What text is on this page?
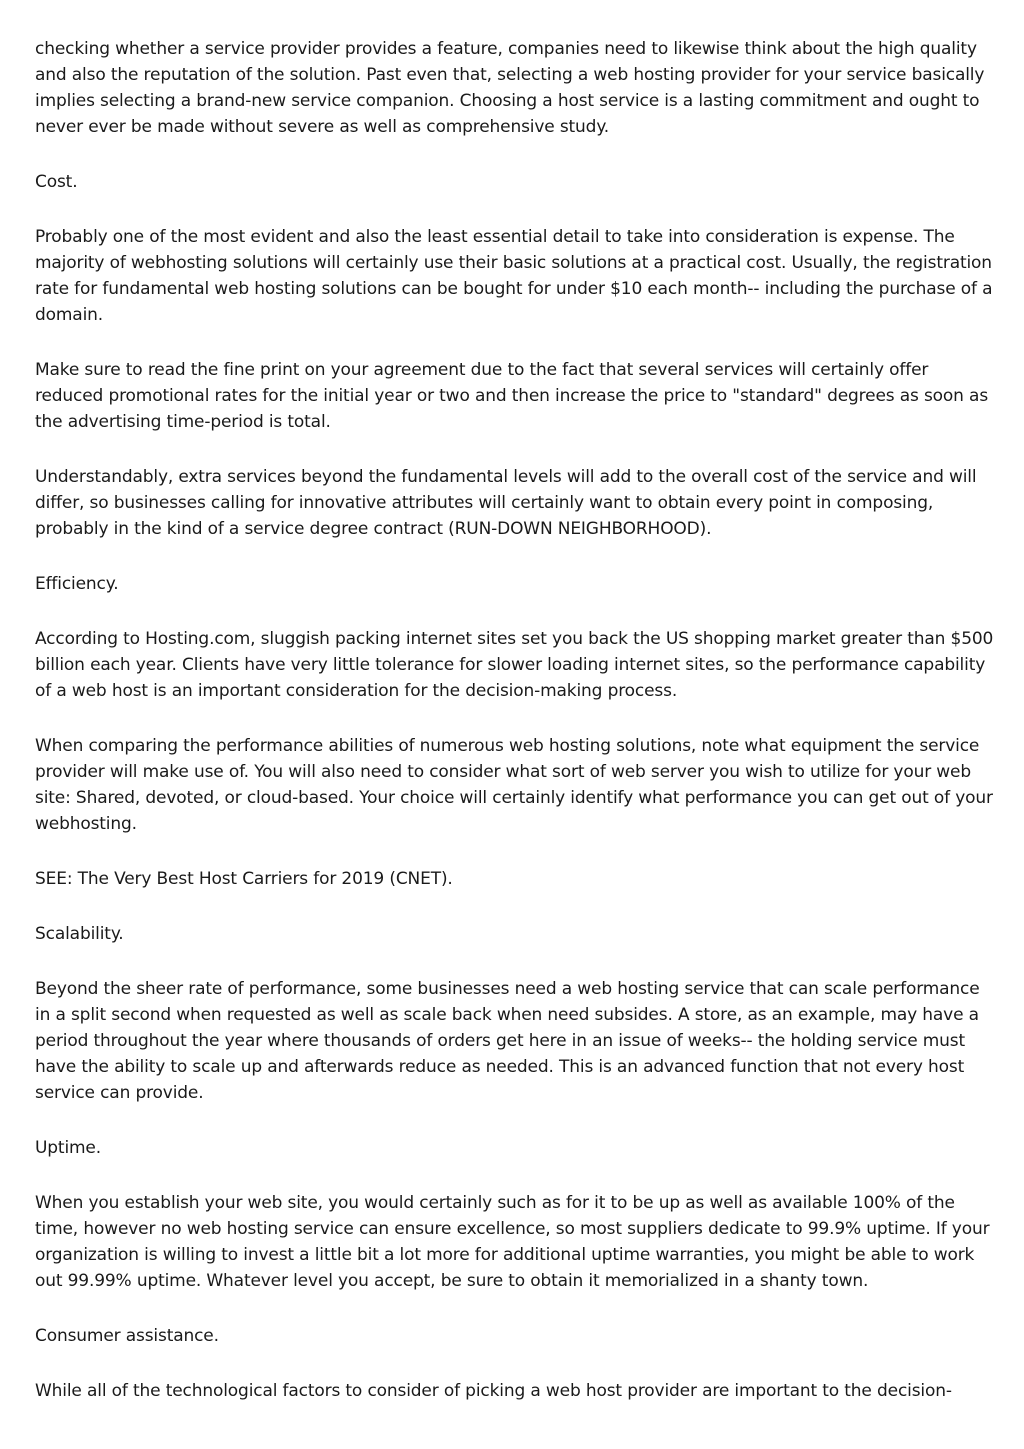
checking whether a service provider provides a feature, companies need to likewise think about the high quality and also the reputation of the solution. Past even that, selecting a web hosting provider for your service basically implies selecting a brand-new service companion. Choosing a host service is a lasting commitment and ought to never ever be made without severe as well as comprehensive study.

Cost.

Probably one of the most evident and also the least essential detail to take into consideration is expense. The majority of webhosting solutions will certainly use their basic solutions at a practical cost. Usually, the registration rate for fundamental web hosting solutions can be bought for under $10 each month-- including the purchase of a domain.

Make sure to read the fine print on your agreement due to the fact that several services will certainly offer reduced promotional rates for the initial year or two and then increase the price to "standard" degrees as soon as the advertising time-period is total.

Understandably, extra services beyond the fundamental levels will add to the overall cost of the service and will differ, so businesses calling for innovative attributes will certainly want to obtain every point in composing, probably in the kind of a service degree contract (RUN-DOWN NEIGHBORHOOD).

Efficiency.

According to Hosting.com, sluggish packing internet sites set you back the US shopping market greater than $500 billion each year. Clients have very little tolerance for slower loading internet sites, so the performance capability of a web host is an important consideration for the decision-making process.

When comparing the performance abilities of numerous web hosting solutions, note what equipment the service provider will make use of. You will also need to consider what sort of web server you wish to utilize for your web site: Shared, devoted, or cloud-based. Your choice will certainly identify what performance you can get out of your webhosting.

SEE: The Very Best Host Carriers for 2019 (CNET).

Scalability.

Beyond the sheer rate of performance, some businesses need a web hosting service that can scale performance in a split second when requested as well as scale back when need subsides. A store, as an example, may have a period throughout the year where thousands of orders get here in an issue of weeks-- the holding service must have the ability to scale up and afterwards reduce as needed. This is an advanced function that not every host service can provide.

Uptime.

When you establish your web site, you would certainly such as for it to be up as well as available 100% of the time, however no web hosting service can ensure excellence, so most suppliers dedicate to 99.9% uptime. If your organization is willing to invest a little bit a lot more for additional uptime warranties, you might be able to work out 99.99% uptime. Whatever level you accept, be sure to obtain it memorialized in a shanty town.

Consumer assistance.

While all of the technological factors to consider of picking a web host provider are important to the decision-
